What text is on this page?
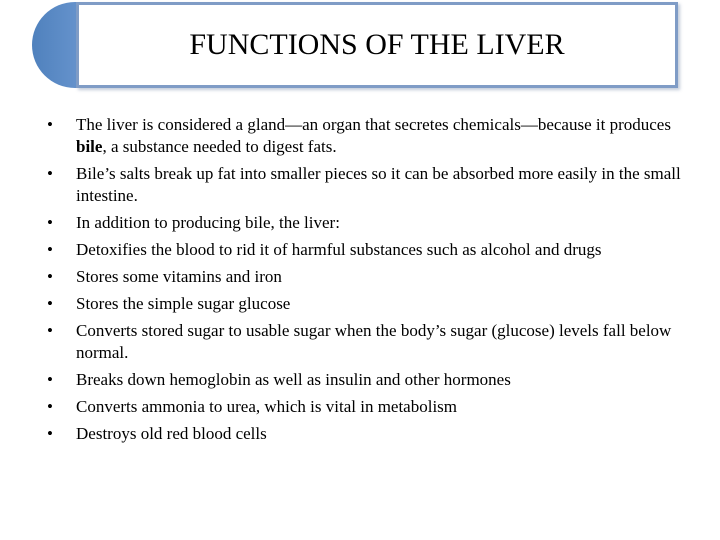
FUNCTIONS OF THE LIVER
• The liver is considered a gland—an organ that secretes chemicals—because it produces bile, a substance needed to digest fats.
• Bile’s salts break up fat into smaller pieces so it can be absorbed more easily in the small intestine.
• In addition to producing bile, the liver:
• Detoxifies the blood to rid it of harmful substances such as alcohol and drugs
• Stores some vitamins and iron
• Stores the simple sugar glucose
• Converts stored sugar to usable sugar when the body’s sugar (glucose) levels fall below normal.
• Breaks down hemoglobin as well as insulin and other hormones
• Converts ammonia to urea, which is vital in metabolism
• Destroys old red blood cells
